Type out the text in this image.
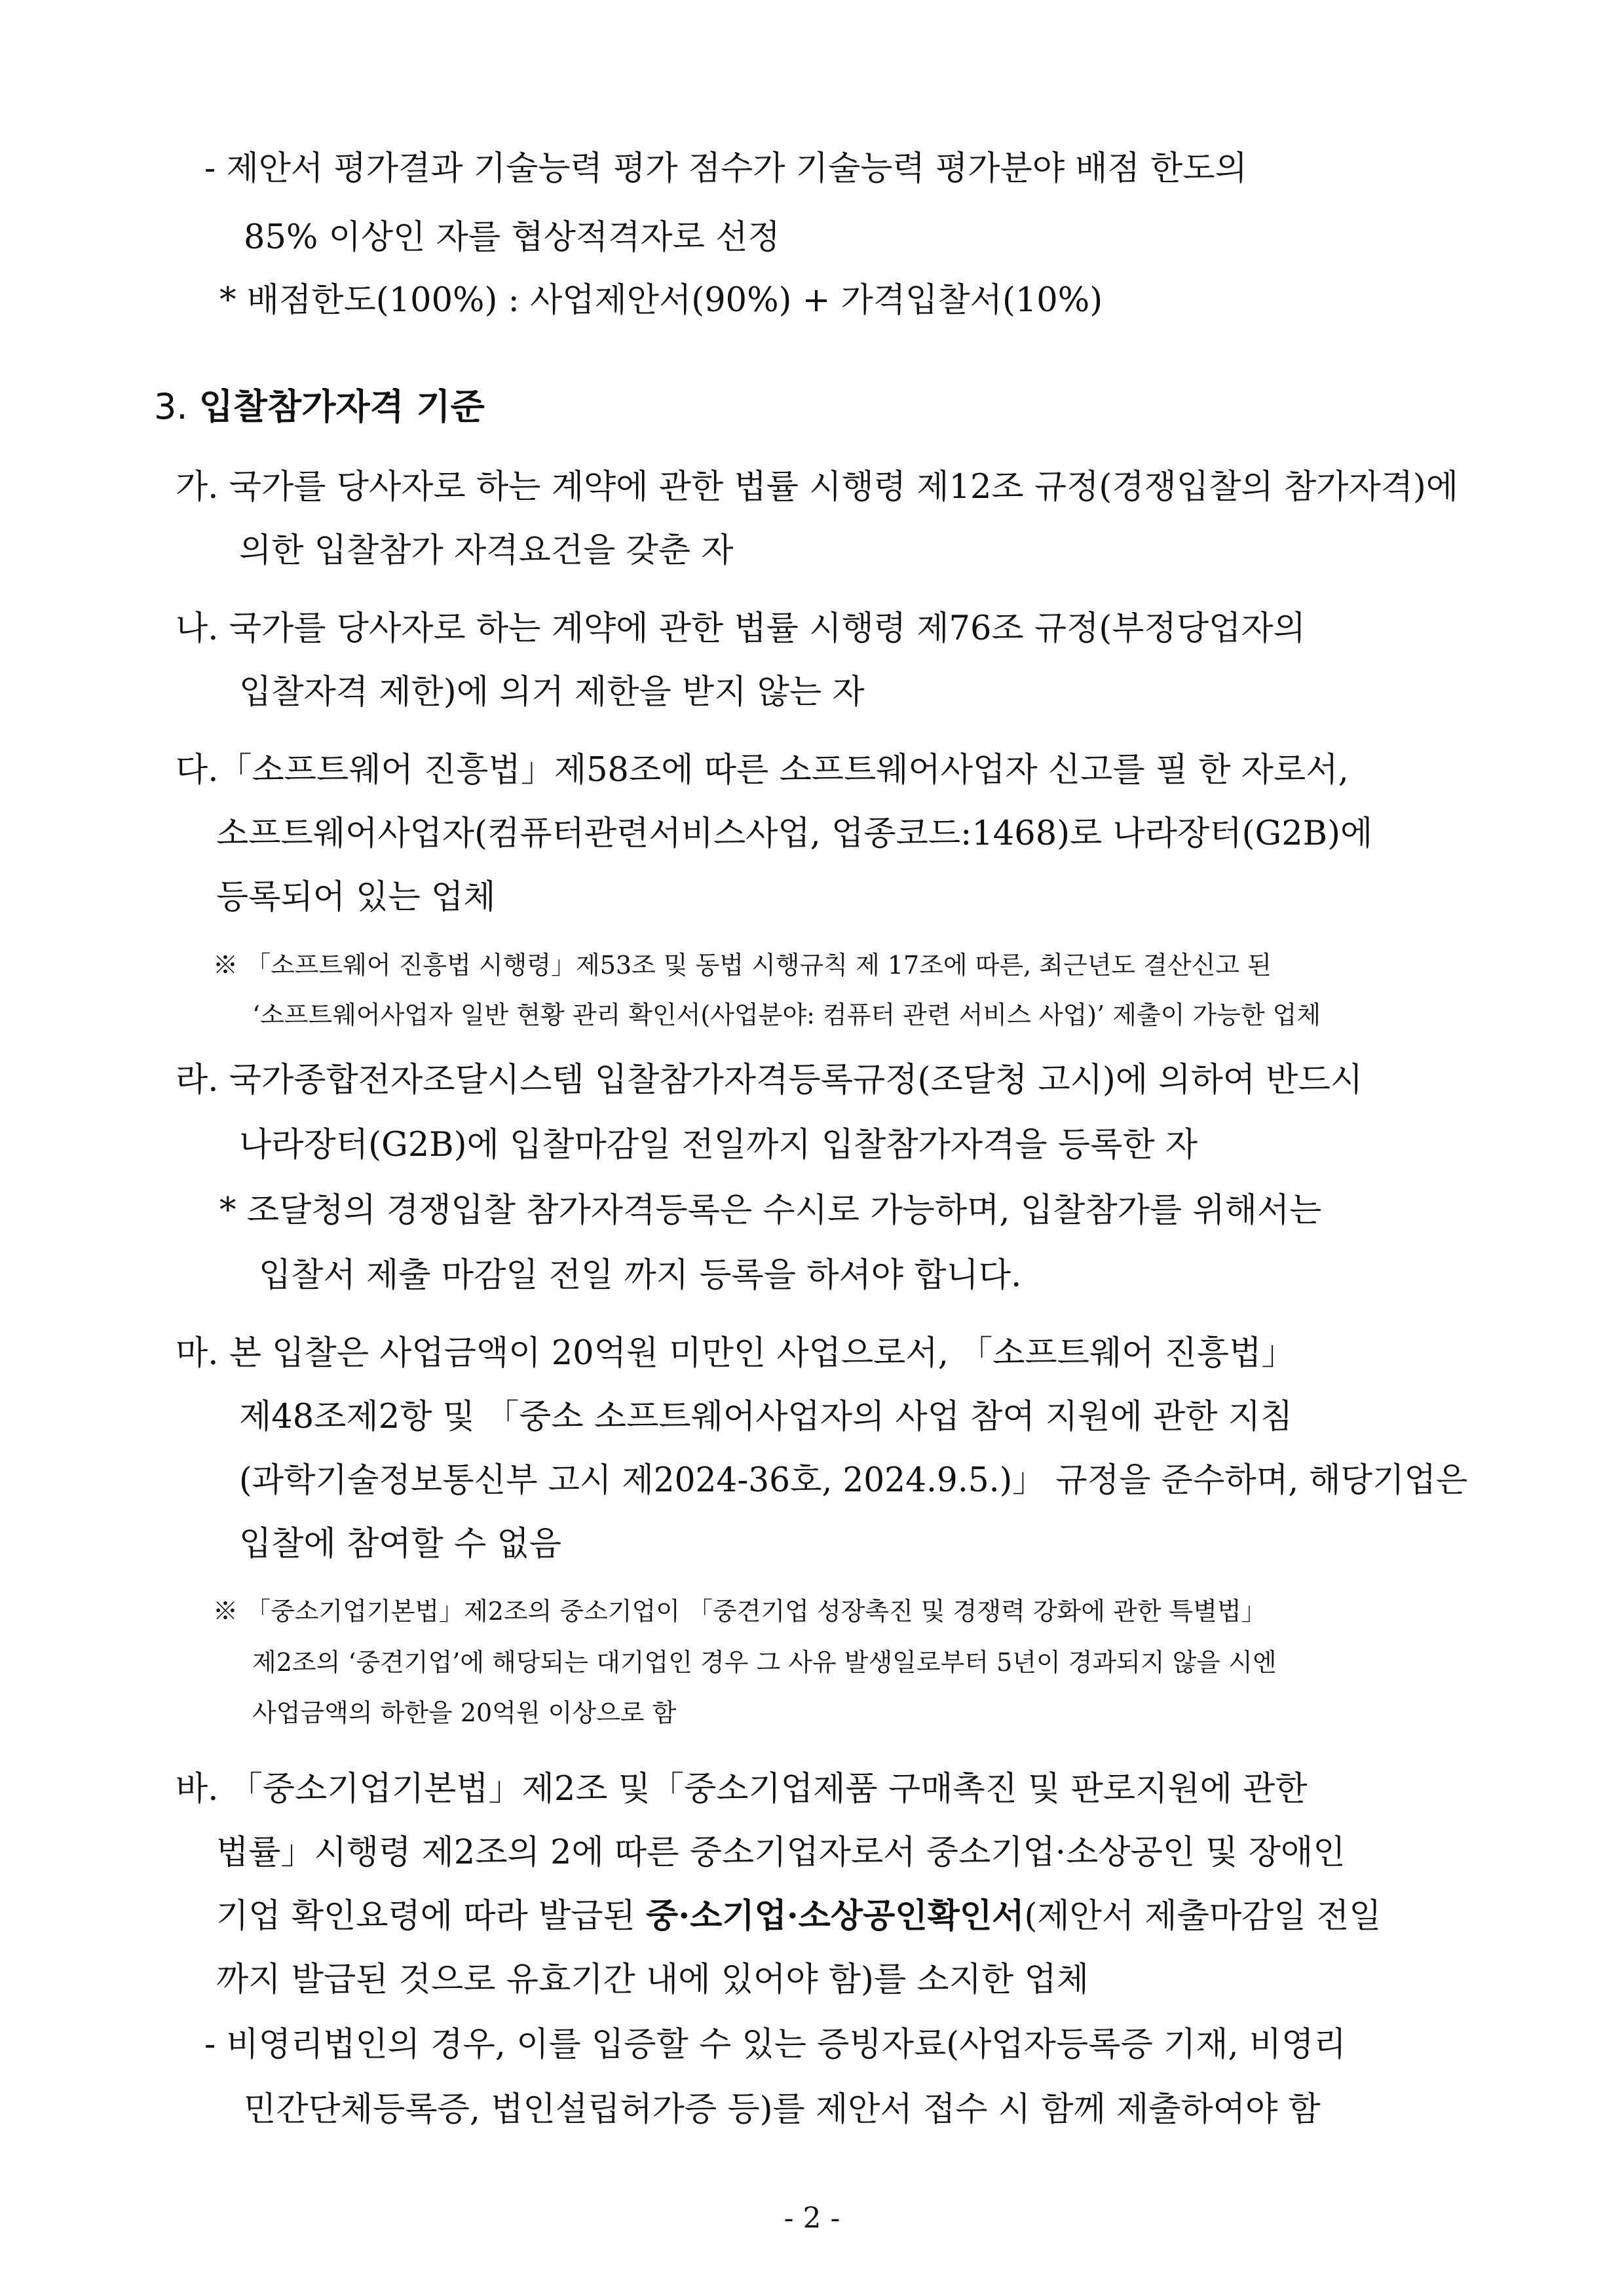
- 제안서 평가결과 기술능력 평가 점수가 기술능력 평가분야 배점 한도의
85% 이상인 자를 협상적격자로 선정
* 배점한도(100%) : 사업제안서(90%) + 가격입찰서(10%)
3. 입찰참가자격 기준
가. 국가를 당사자로 하는 계약에 관한 법률 시행령 제12조 규정(경쟁입찰의 참가자격)에
의한 입찰참가 자격요건을 갖춘 자
나. 국가를 당사자로 하는 계약에 관한 법률 시행령 제76조 규정(부정당업자의
입찰자격 제한)에 의거 제한을 받지 않는 자
다.「소프트웨어 진흥법」제58조에 따른 소프트웨어사업자 신고를 필 한 자로서,
소프트웨어사업자(컴퓨터관련서비스사업, 업종코드:1468)로 나라장터(G2B)에
등록되어 있는 업체
※ 「소프트웨어 진흥법 시행령」제53조 및 동법 시행규칙 제 17조에 따른, 최근년도 결산신고 된
‘소프트웨어사업자 일반 현황 관리 확인서(사업분야: 컴퓨터 관련 서비스 사업)’ 제출이 가능한 업체
라. 국가종합전자조달시스템 입찰참가자격등록규정(조달청 고시)에 의하여 반드시
나라장터(G2B)에 입찰마감일 전일까지 입찰참가자격을 등록한 자
* 조달청의 경쟁입찰 참가자격등록은 수시로 가능하며, 입찰참가를 위해서는
입찰서 제출 마감일 전일 까지 등록을 하셔야 합니다.
마. 본 입찰은 사업금액이 20억원 미만인 사업으로서, 「소프트웨어 진흥법」
제48조제2항 및 「중소 소프트웨어사업자의 사업 참여 지원에 관한 지침
(과학기술정보통신부 고시 제2024-36호, 2024.9.5.)」 규정을 준수하며, 해당기업은
입찰에 참여할 수 없음
※ 「중소기업기본법」제2조의 중소기업이 「중견기업 성장촉진 및 경쟁력 강화에 관한 특별법」
제2조의 ‘중견기업’에 해당되는 대기업인 경우 그 사유 발생일로부터 5년이 경과되지 않을 시엔
사업금액의 하한을 20억원 이상으로 함
바. 「중소기업기본법」제2조 및「중소기업제품 구매촉진 및 판로지원에 관한
법률」시행령 제2조의 2에 따른 중소기업자로서 중소기업·소상공인 및 장애인
기업 확인요령에 따라 발급된 중·소기업·소상공인확인서(제안서 제출마감일 전일
까지 발급된 것으로 유효기간 내에 있어야 함)를 소지한 업체
- 비영리법인의 경우, 이를 입증할 수 있는 증빙자료(사업자등록증 기재, 비영리
민간단체등록증, 법인설립허가증 등)를 제안서 접수 시 함께 제출하여야 함
- 2 -
